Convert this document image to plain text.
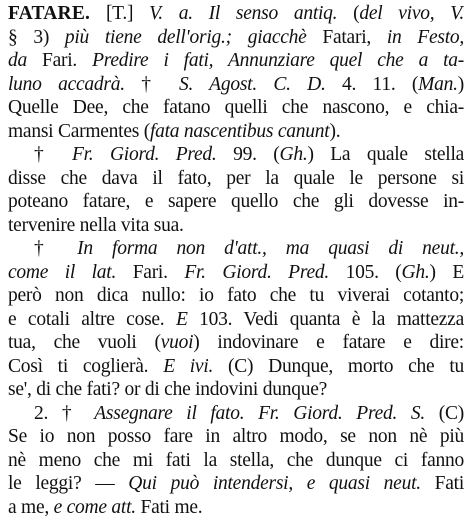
FATARE. [T.] V. a. Il senso antiq. (del vivo, V.
§ 3) più tiene dell'orig.; giacchè Fatari, in Festo,
da Fari. Predire i fati, Annunziare quel che a ta-
luno accadrà. † S. Agost. C. D. 4. 11. (Man.)
Quelle Dee, che fatano quelli che nascono, e chia-
mansi Carmentes (fata nascentibus canunt).
† Fr. Giord. Pred. 99. (Gh.) La quale stella
disse che dava il fato, per la quale le persone si
poteano fatare, e sapere quello che gli dovesse in-
tervenire nella vita sua.
† In forma non d'att., ma quasi di neut.,
come il lat. Fari. Fr. Giord. Pred. 105. (Gh.) E
però non dica nullo: io fato che tu viverai cotanto;
e cotali altre cose. E 103. Vedi quanta è la mattezza
tua, che vuoli (vuoi) indovinare e fatare e dire:
Così ti coglierà. E ivi. (C) Dunque, morto che tu
se', di che fati? or di che indovini dunque?
2. † Assegnare il fato. Fr. Giord. Pred. S. (C)
Se io non posso fare in altro modo, se non nè più
nè meno che mi fati la stella, che dunque ci fanno
le leggi? — Qui può intendersi, e quasi neut. Fati
a me, e come att. Fati me.
